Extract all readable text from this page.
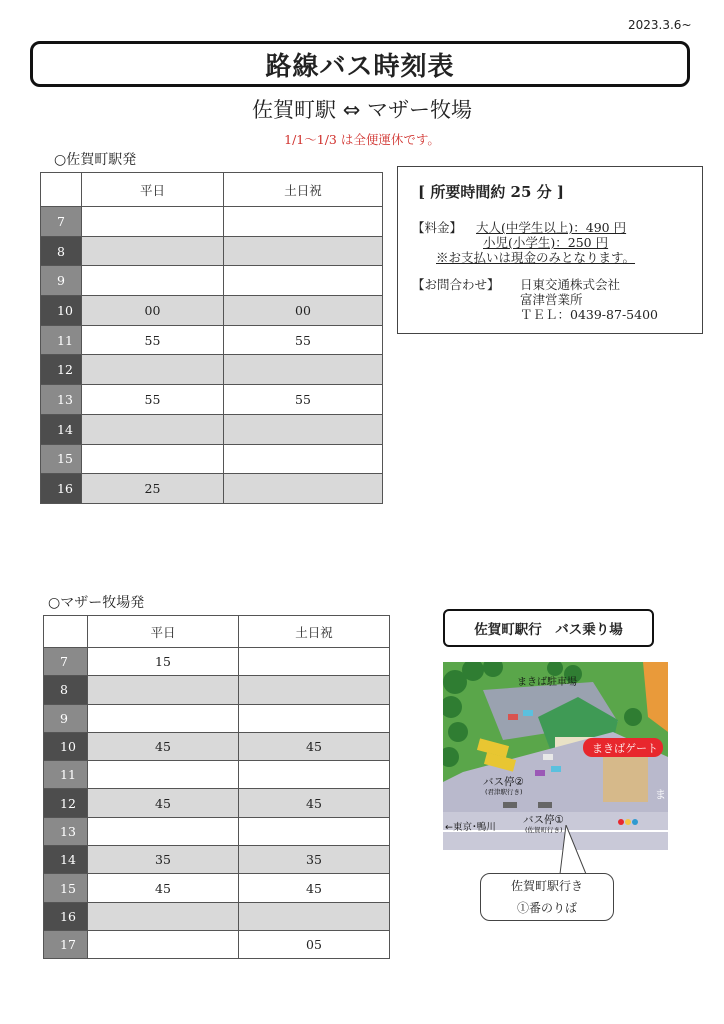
2023.3.6~
路線バス時刻表
佐賀町駅 ⇔ マザー牧場
1/1～1/3 は全便運休です。
○佐賀町駅発
	平日	土日祝
7		
8		
9		
10	00	00
11	55	55
12		
13	55	55
14		
15		
16	25	
[ 所要時間約 25 分 ]
【料金】 大人(中学生以上)：490 円
小児(小学生)：250 円
※お支払いは現金のみとなります。
【お問合わせ】 日東交通株式会社
富津営業所
ＴＥＬ：0439-87-5400
○マザー牧場発
	平日	土日祝
7	15	
8		
9		
10	45	45
11		
12	45	45
13		
14	35	35
15	45	45
16		
17		05
佐賀町駅行　バス乗り場
まきば駐車場
まきばゲート
バス停②
(君津駅行き)
バス停①
(佐賀町行き)
←東京･鴨川
ま
佐賀町駅行き
①番のりば
